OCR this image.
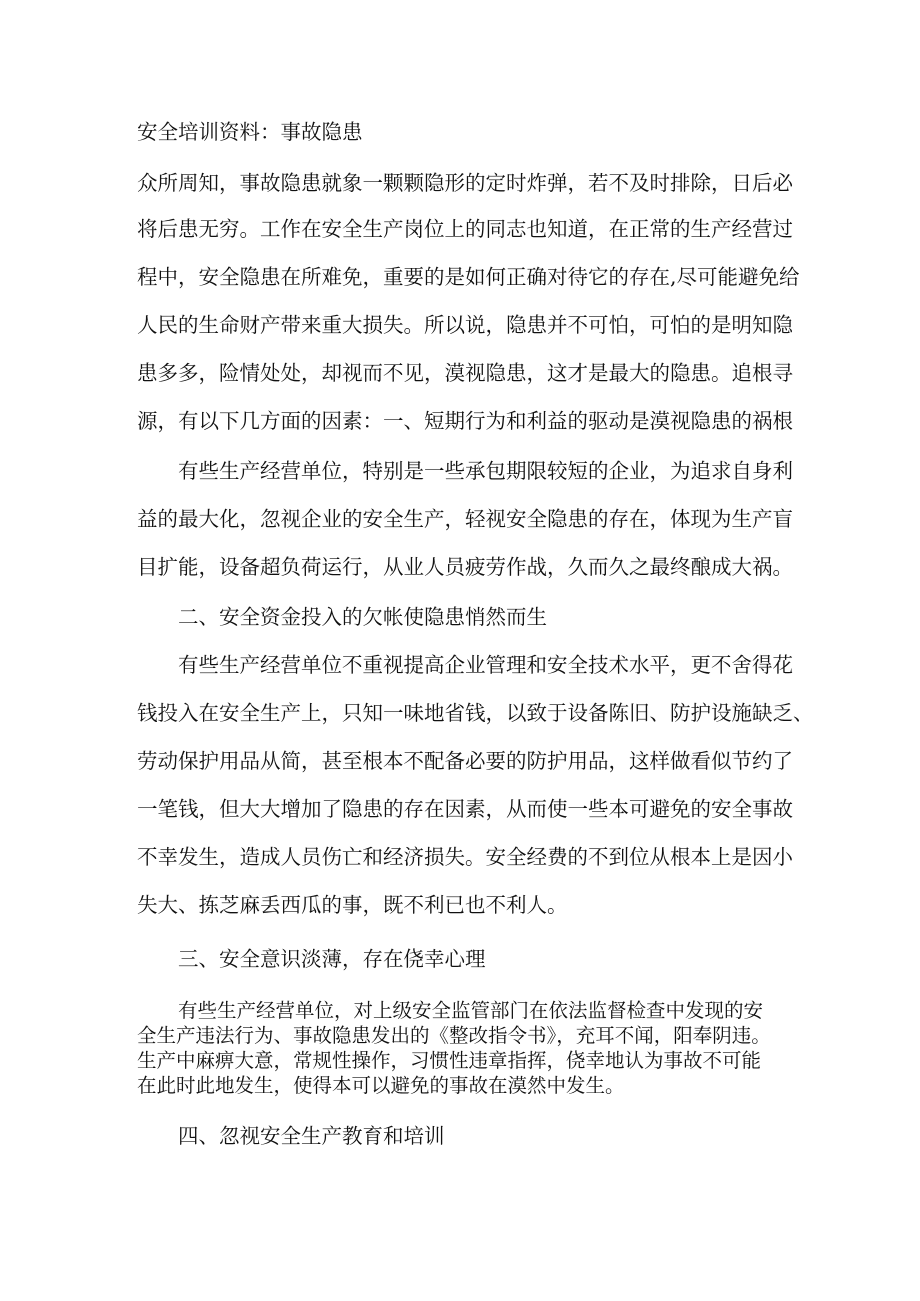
安全培训资料：事故隐患

众所周知，事故隐患就象一颗颗隐形的定时炸弹，若不及时排除，日后必

将后患无穷。工作在安全生产岗位上的同志也知道，在正常的生产经营过

程中，安全隐患在所难免，重要的是如何正确对待它的存在,尽可能避免给

人民的生命财产带来重大损失。所以说，隐患并不可怕，可怕的是明知隐

患多多，险情处处，却视而不见，漠视隐患，这才是最大的隐患。追根寻

源，有以下几方面的因素：一、短期行为和利益的驱动是漠视隐患的祸根

有些生产经营单位，特别是一些承包期限较短的企业，为追求自身利

益的最大化，忽视企业的安全生产，轻视安全隐患的存在，体现为生产盲

目扩能，设备超负荷运行，从业人员疲劳作战，久而久之最终酿成大祸。

二、安全资金投入的欠帐使隐患悄然而生

有些生产经营单位不重视提高企业管理和安全技术水平，更不舍得花

钱投入在安全生产上，只知一味地省钱，以致于设备陈旧、防护设施缺乏、

劳动保护用品从简，甚至根本不配备必要的防护用品，这样做看似节约了

一笔钱，但大大增加了隐患的存在因素，从而使一些本可避免的安全事故

不幸发生，造成人员伤亡和经济损失。安全经费的不到位从根本上是因小

失大、拣芝麻丢西瓜的事，既不利已也不利人。

三、安全意识淡薄，存在侥幸心理

有些生产经营单位，对上级安全监管部门在依法监督检查中发现的安

全生产违法行为、事故隐患发出的《整改指令书》，充耳不闻，阳奉阴违。

生产中麻痹大意，常规性操作，习惯性违章指挥，侥幸地认为事故不可能

在此时此地发生，使得本可以避免的事故在漠然中发生。

四、忽视安全生产教育和培训
